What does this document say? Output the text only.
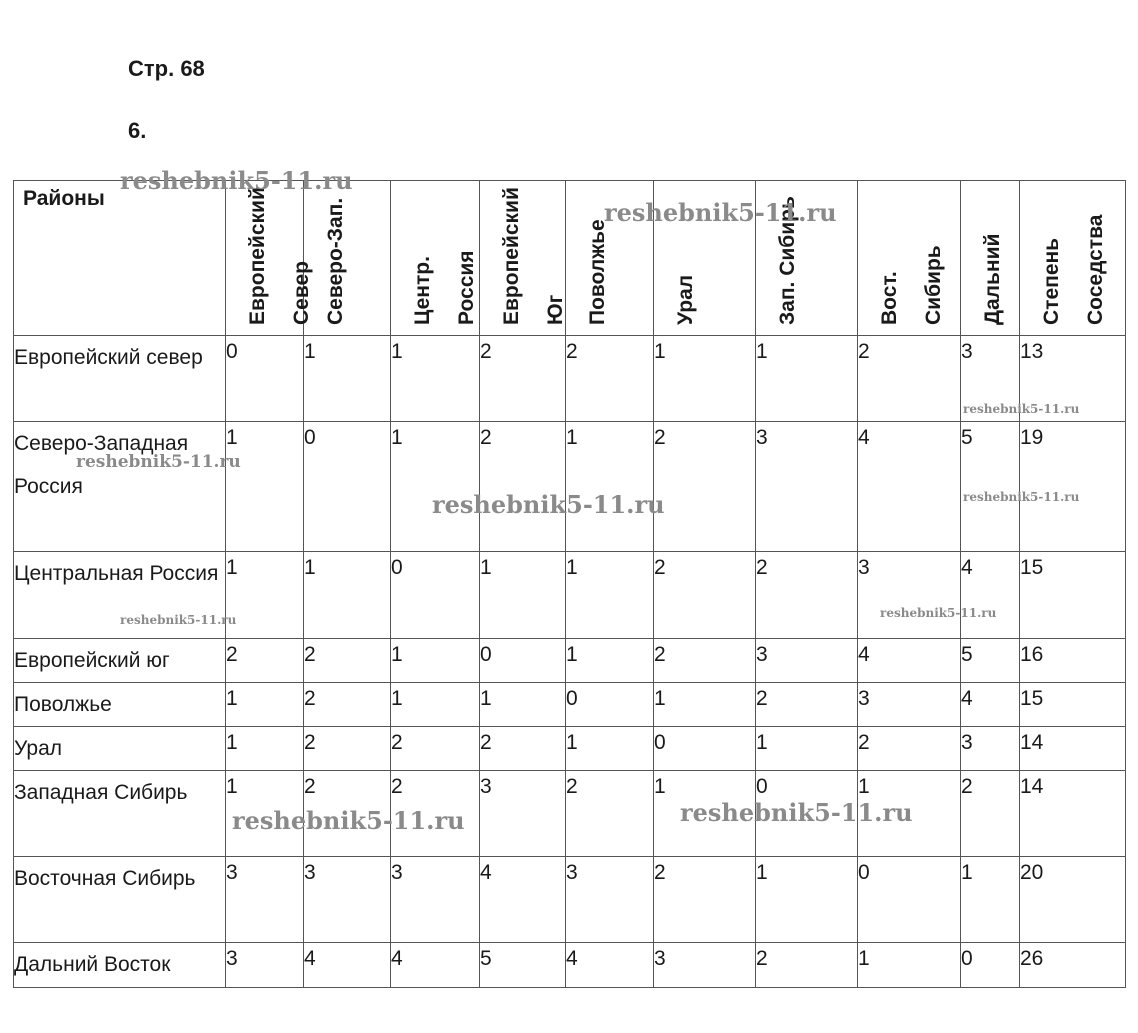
Стр. 68
6.
Районы	Европейский Север	Северо-Зап.	Центр. Россия	Европейский Юг	Поволжье	Урал	Зап. Сибирь	Вост. Сибирь	Дальний	Степень Соседства

Европейский север	0	1	1	2	2	1	1	2	3	13
Северо-Западная Россия	1	0	1	2	1	2	3	4	5	19
Центральная Россия	1	1	0	1	1	2	2	3	4	15
Европейский юг	2	2	1	0	1	2	3	4	5	16
Поволжье	1	2	1	1	0	1	2	3	4	15
Урал	1	2	2	2	1	0	1	2	3	14
Западная Сибирь	1	2	2	3	2	1	0	1	2	14
Восточная Сибирь	3	3	3	4	3	2	1	0	1	20
Дальний Восток	3	4	4	5	4	3	2	1	0	26
reshebnik5-11.ru
reshebnik5-11.ru
reshebnik5-11.ru
reshebnik5-11.ru
reshebnik5-11.ru
reshebnik5-11.ru
reshebnik5-11.ru	reshebnik5-11.ru
reshebnik5-11.ru	reshebnik5-11.ru
